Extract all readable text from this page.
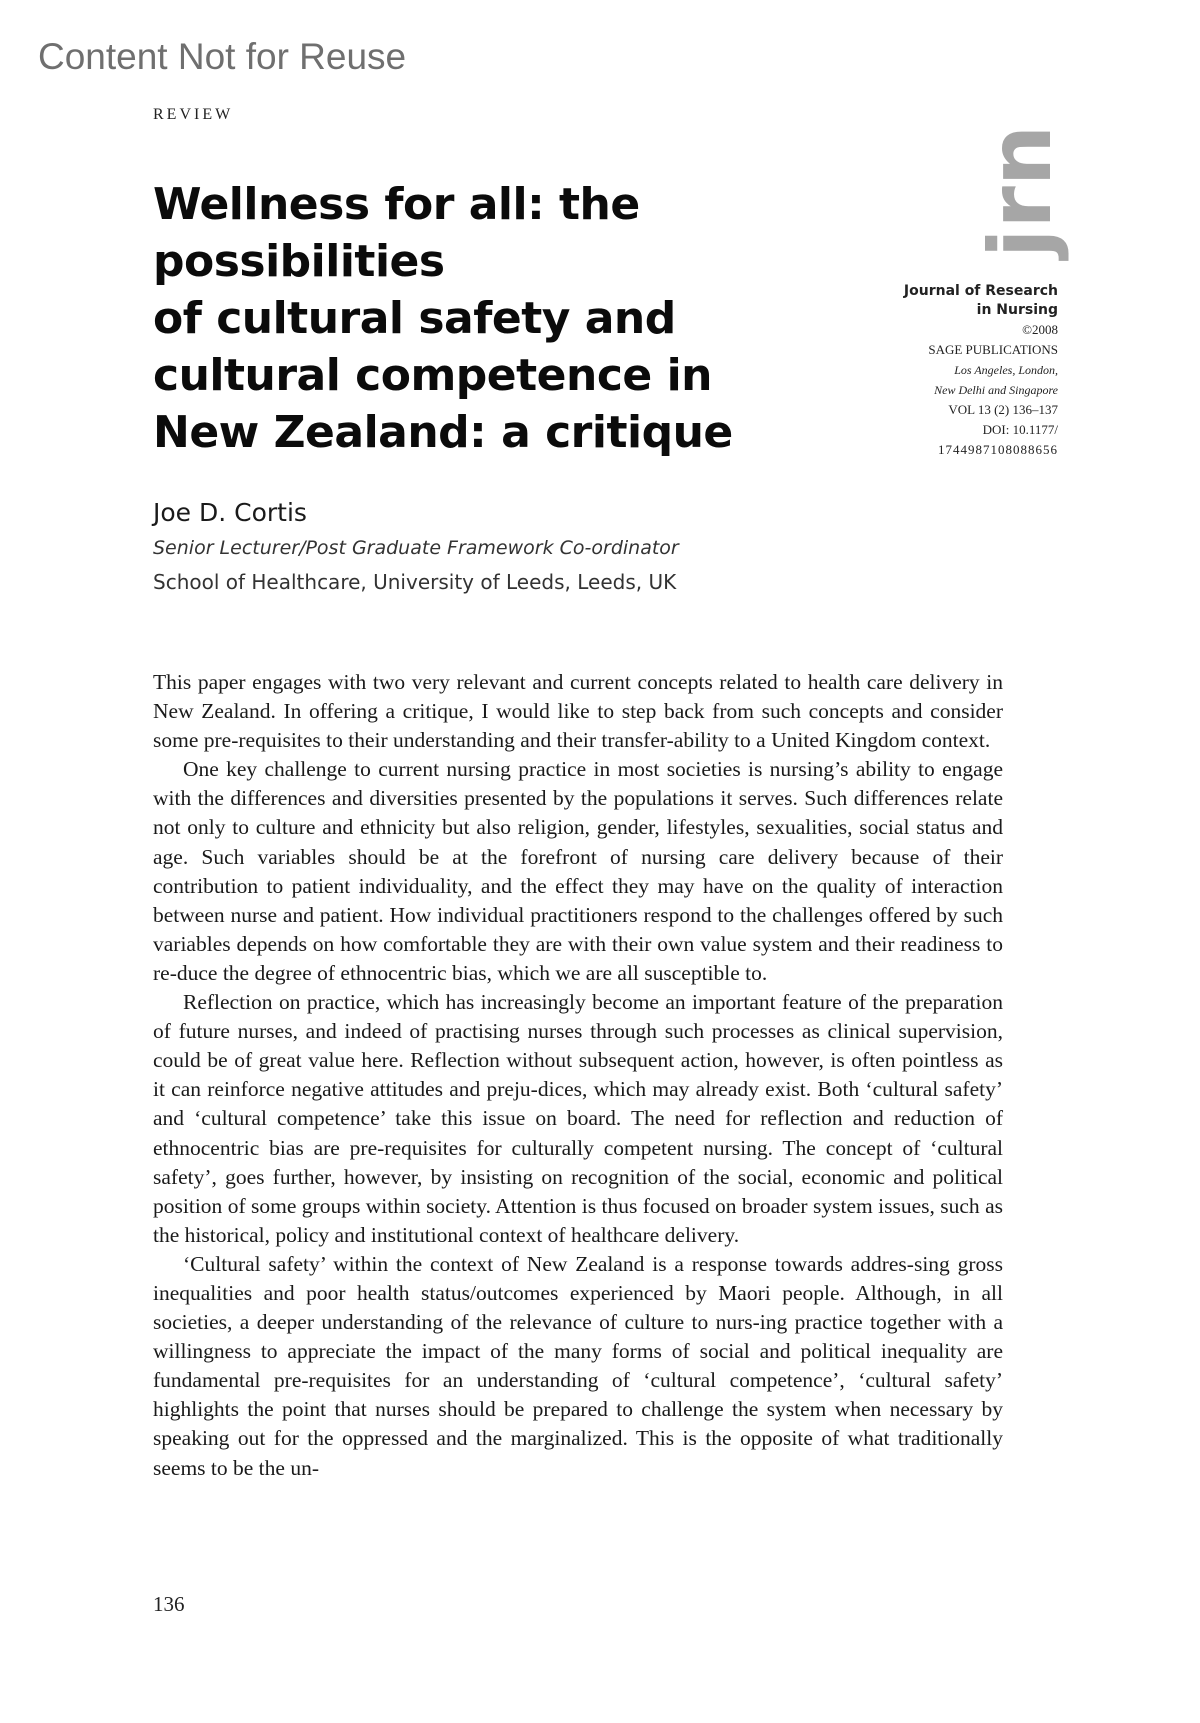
Content Not for Reuse
REVIEW
Wellness for all: the possibilities
of cultural safety and
cultural competence in
New Zealand: a critique
jrn
Journal of Research
in Nursing
©2008
SAGE PUBLICATIONS
Los Angeles, London,
New Delhi and Singapore
VOL 13 (2) 136–137
DOI: 10.1177/
1744987108088656
Joe D. Cortis
Senior Lecturer/Post Graduate Framework Co-ordinator
School of Healthcare, University of Leeds, Leeds, UK

This paper engages with two very relevant and current concepts related to health care delivery in New Zealand. In offering a critique, I would like to step back from such concepts and consider some pre-requisites to their understanding and their transfer-ability to a United Kingdom context.

One key challenge to current nursing practice in most societies is nursing’s ability to engage with the differences and diversities presented by the populations it serves. Such differences relate not only to culture and ethnicity but also religion, gender, lifestyles, sexualities, social status and age. Such variables should be at the forefront of nursing care delivery because of their contribution to patient individuality, and the effect they may have on the quality of interaction between nurse and patient. How individual practitioners respond to the challenges offered by such variables depends on how comfortable they are with their own value system and their readiness to re-duce the degree of ethnocentric bias, which we are all susceptible to.

Reflection on practice, which has increasingly become an important feature of the preparation of future nurses, and indeed of practising nurses through such processes as clinical supervision, could be of great value here. Reflection without subsequent action, however, is often pointless as it can reinforce negative attitudes and preju-dices, which may already exist. Both ‘cultural safety’ and ‘cultural competence’ take this issue on board. The need for reflection and reduction of ethnocentric bias are pre-requisites for culturally competent nursing. The concept of ‘cultural safety’, goes further, however, by insisting on recognition of the social, economic and political position of some groups within society. Attention is thus focused on broader system issues, such as the historical, policy and institutional context of healthcare delivery.

‘Cultural safety’ within the context of New Zealand is a response towards addres-sing gross inequalities and poor health status/outcomes experienced by Maori people. Although, in all societies, a deeper understanding of the relevance of culture to nurs-ing practice together with a willingness to appreciate the impact of the many forms of social and political inequality are fundamental pre-requisites for an understanding of ‘cultural competence’, ‘cultural safety’ highlights the point that nurses should be prepared to challenge the system when necessary by speaking out for the oppressed and the marginalized. This is the opposite of what traditionally seems to be the un-

136
